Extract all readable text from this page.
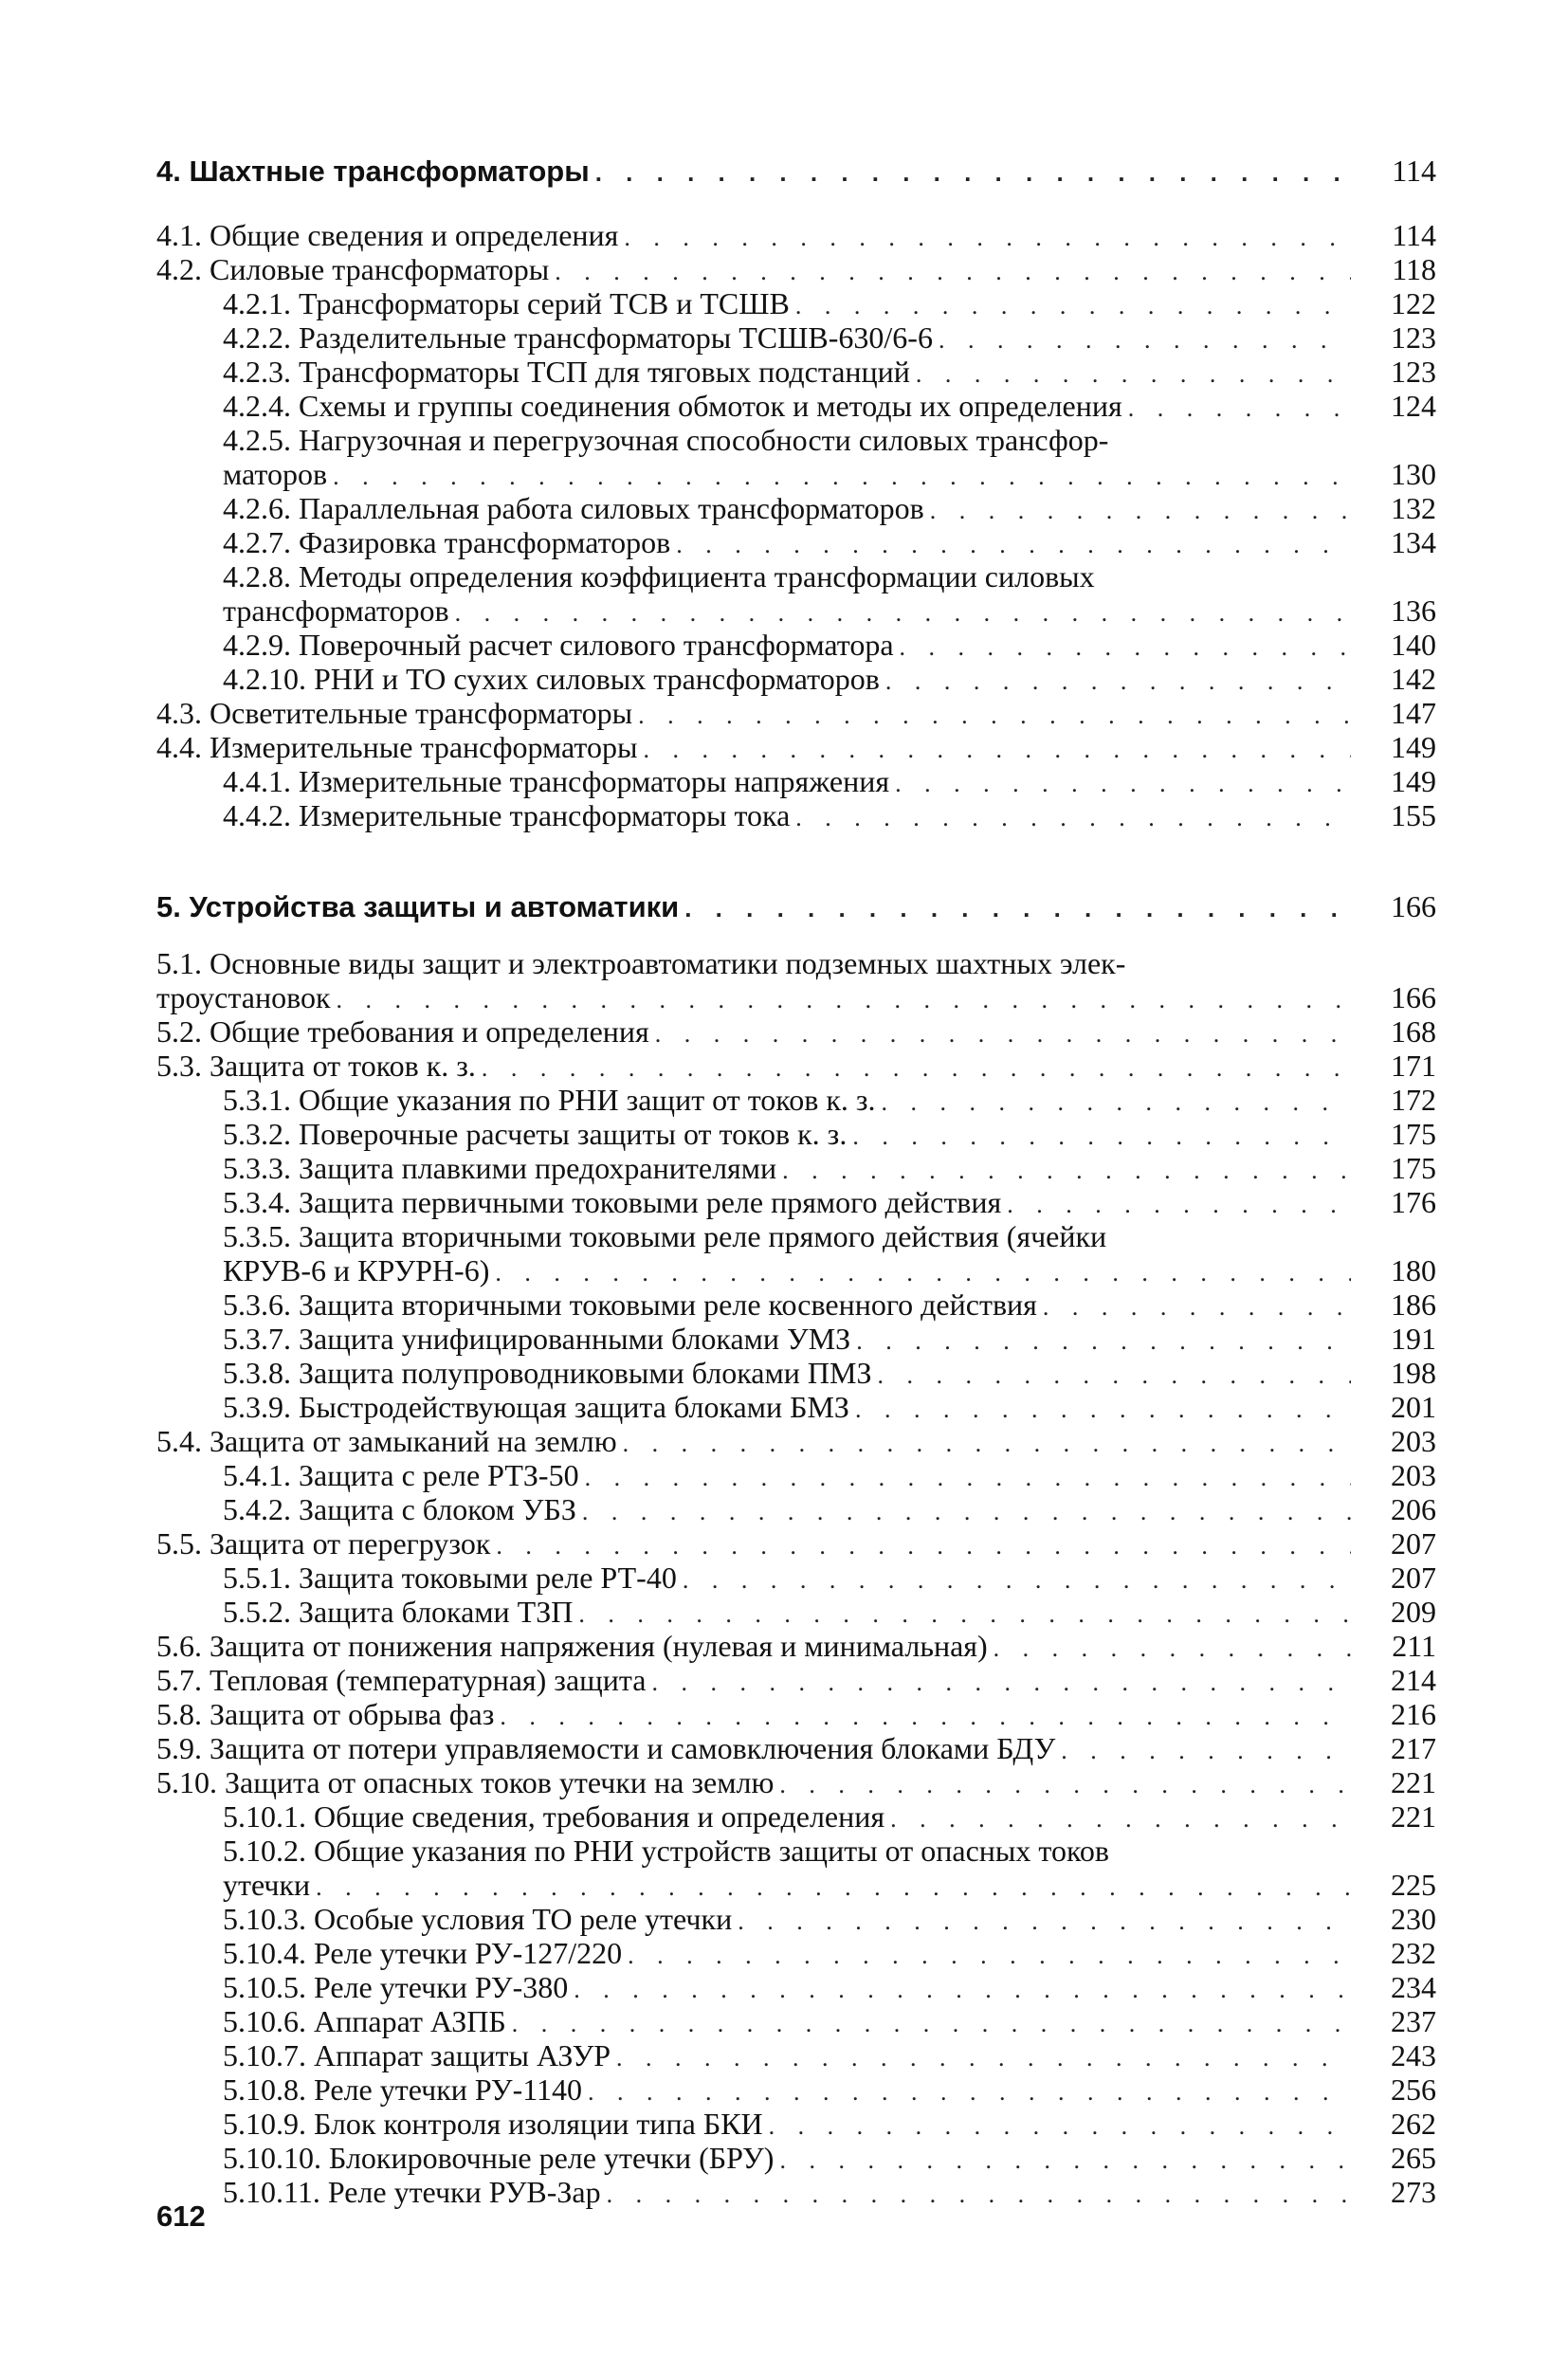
4. Шахтные трансформаторы . . .	114
4.1. Общие сведения и определения . . .	114
4.2. Силовые трансформаторы . . .	118
4.2.1. Трансформаторы серий ТСВ и ТСШВ . . .	122
4.2.2. Разделительные трансформаторы ТСШВ-630/6-6 . . .	123
4.2.3. Трансформаторы ТСП для тяговых подстанций . . .	123
4.2.4. Схемы и группы соединения обмоток и методы их определения . . .	124
4.2.5. Нагрузочная и перегрузочная способности силовых трансфор-
маторов . . .	130
4.2.6. Параллельная работа силовых трансформаторов . . .	132
4.2.7. Фазировка трансформаторов . . .	134
4.2.8. Методы определения коэффициента трансформации силовых
трансформаторов . . .	136
4.2.9. Поверочный расчет силового трансформатора . . .	140
4.2.10. РНИ и ТО сухих силовых трансформаторов . . .	142
4.3. Осветительные трансформаторы . . .	147
4.4. Измерительные трансформаторы . . .	149
4.4.1. Измерительные трансформаторы напряжения . . .	149
4.4.2. Измерительные трансформаторы тока . . .	155
5. Устройства защиты и автоматики . . .	166
5.1. Основные виды защит и электроавтоматики подземных шахтных элек-
троустановок . . .	166
5.2. Общие требования и определения . . .	168
5.3. Защита от токов к. з. . . .	171
5.3.1. Общие указания по РНИ защит от токов к. з. . . .	172
5.3.2. Поверочные расчеты защиты от токов к. з. . . .	175
5.3.3. Защита плавкими предохранителями . . .	175
5.3.4. Защита первичными токовыми реле прямого действия . . .	176
5.3.5. Защита вторичными токовыми реле прямого действия (ячейки
КРУВ-6 и КРУРН-6) . . .	180
5.3.6. Защита вторичными токовыми реле косвенного действия . . .	186
5.3.7. Защита унифицированными блоками УМЗ . . .	191
5.3.8. Защита полупроводниковыми блоками ПМЗ . . .	198
5.3.9. Быстродействующая защита блоками БМЗ . . .	201
5.4. Защита от замыканий на землю . . .	203
5.4.1. Защита с реле РТЗ-50 . . .	203
5.4.2. Защита с блоком УБЗ . . .	206
5.5. Защита от перегрузок . . .	207
5.5.1. Защита токовыми реле РТ-40 . . .	207
5.5.2. Защита блоками ТЗП . . .	209
5.6. Защита от понижения напряжения (нулевая и минимальная) . . .	211
5.7. Тепловая (температурная) защита . . .	214
5.8. Защита от обрыва фаз . . .	216
5.9. Защита от потери управляемости и самовключения блоками БДУ . . .	217
5.10. Защита от опасных токов утечки на землю . . .	221
5.10.1. Общие сведения, требования и определения . . .	221
5.10.2. Общие указания по РНИ устройств защиты от опасных токов
утечки . . .	225
5.10.3. Особые условия ТО реле утечки . . .	230
5.10.4. Реле утечки РУ-127/220 . . .	232
5.10.5. Реле утечки РУ-380 . . .	234
5.10.6. Аппарат АЗПБ . . .	237
5.10.7. Аппарат защиты АЗУР . . .	243
5.10.8. Реле утечки РУ-1140 . . .	256
5.10.9. Блок контроля изоляции типа БКИ . . .	262
5.10.10. Блокировочные реле утечки (БРУ) . . .	265
5.10.11. Реле утечки РУВ-Зар . . .	273
612
